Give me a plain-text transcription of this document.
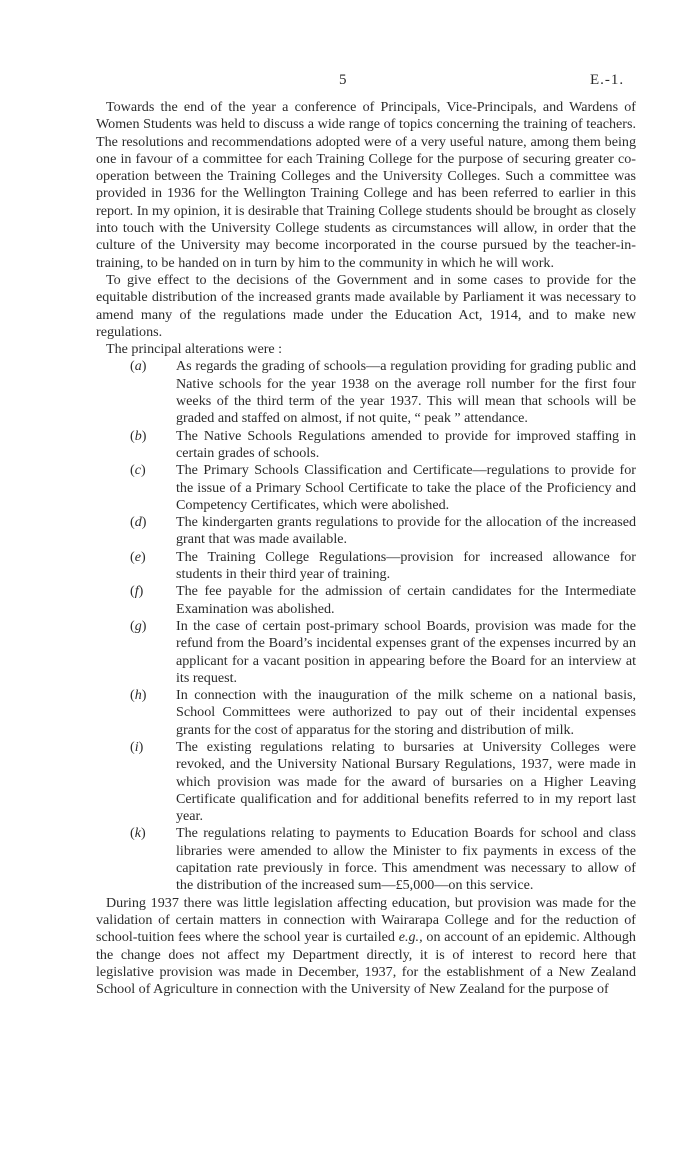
5	E.-1.

Towards the end of the year a conference of Principals, Vice-Principals, and Wardens of Women Students was held to discuss a wide range of topics concerning the training of teachers. The resolutions and recommendations adopted were of a very useful nature, among them being one in favour of a committee for each Training College for the purpose of securing greater co-operation between the Training Colleges and the University Colleges. Such a committee was provided in 1936 for the Wellington Training College and has been referred to earlier in this report. In my opinion, it is desirable that Training College students should be brought as closely into touch with the University College students as circumstances will allow, in order that the culture of the University may become incorporated in the course pursued by the teacher-in-training, to be handed on in turn by him to the community in which he will work.

To give effect to the decisions of the Government and in some cases to provide for the equitable distribution of the increased grants made available by Parliament it was necessary to amend many of the regulations made under the Education Act, 1914, and to make new regulations.

The principal alterations were :

(a)	As regards the grading of schools—a regulation providing for grading public and Native schools for the year 1938 on the average roll number for the first four weeks of the third term of the year 1937. This will mean that schools will be graded and staffed on almost, if not quite, “ peak ” attendance.
(b)	The Native Schools Regulations amended to provide for improved staffing in certain grades of schools.
(c)	The Primary Schools Classification and Certificate—regulations to provide for the issue of a Primary School Certificate to take the place of the Proficiency and Competency Certificates, which were abolished.
(d)	The kindergarten grants regulations to provide for the allocation of the increased grant that was made available.
(e)	The Training College Regulations—provision for increased allowance for students in their third year of training.
(f)	The fee payable for the admission of certain candidates for the Intermediate Examination was abolished.
(g)	In the case of certain post-primary school Boards, provision was made for the refund from the Board’s incidental expenses grant of the expenses incurred by an applicant for a vacant position in appearing before the Board for an interview at its request.
(h)	In connection with the inauguration of the milk scheme on a national basis, School Committees were authorized to pay out of their incidental expenses grants for the cost of apparatus for the storing and distribution of milk.
(i)	The existing regulations relating to bursaries at University Colleges were revoked, and the University National Bursary Regulations, 1937, were made in which provision was made for the award of bursaries on a Higher Leaving Certificate qualification and for additional benefits referred to in my report last year.
(k)	The regulations relating to payments to Education Boards for school and class libraries were amended to allow the Minister to fix payments in excess of the capitation rate previously in force. This amendment was necessary to allow of the distribution of the increased sum—£5,000—on this service.

During 1937 there was little legislation affecting education, but provision was made for the validation of certain matters in connection with Wairarapa College and for the reduction of school-tuition fees where the school year is curtailed e.g., on account of an epidemic. Although the change does not affect my Department directly, it is of interest to record here that legislative provision was made in December, 1937, for the establishment of a New Zealand School of Agriculture in connection with the University of New Zealand for the purpose of
